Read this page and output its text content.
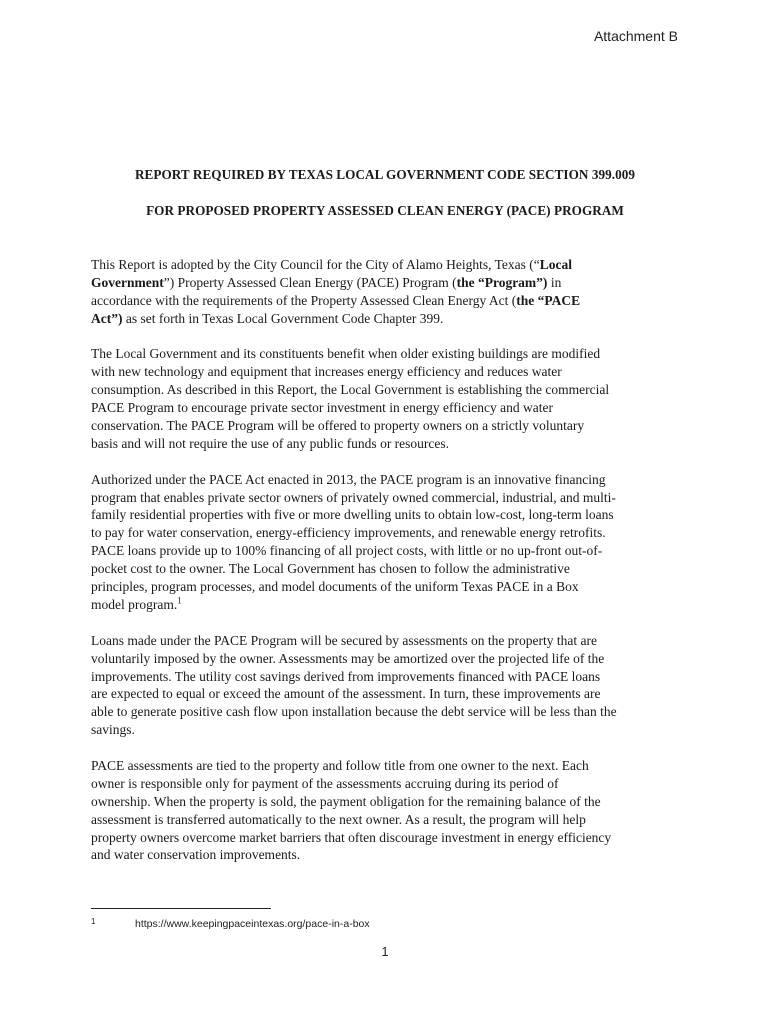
Attachment B
REPORT REQUIRED BY TEXAS LOCAL GOVERNMENT CODE SECTION 399.009
FOR PROPOSED PROPERTY ASSESSED CLEAN ENERGY (PACE) PROGRAM

This Report is adopted by the City Council for the City of Alamo Heights, Texas (“Local
Government”) Property Assessed Clean Energy (PACE) Program (the “Program”) in
accordance with the requirements of the Property Assessed Clean Energy Act (the “PACE
Act”) as set forth in Texas Local Government Code Chapter 399.

The Local Government and its constituents benefit when older existing buildings are modified
with new technology and equipment that increases energy efficiency and reduces water
consumption. As described in this Report, the Local Government is establishing the commercial
PACE Program to encourage private sector investment in energy efficiency and water
conservation. The PACE Program will be offered to property owners on a strictly voluntary
basis and will not require the use of any public funds or resources.

Authorized under the PACE Act enacted in 2013, the PACE program is an innovative financing
program that enables private sector owners of privately owned commercial, industrial, and multi-
family residential properties with five or more dwelling units to obtain low-cost, long-term loans
to pay for water conservation, energy-efficiency improvements, and renewable energy retrofits.
PACE loans provide up to 100% financing of all project costs, with little or no up-front out-of-
pocket cost to the owner. The Local Government has chosen to follow the administrative
principles, program processes, and model documents of the uniform Texas PACE in a Box
model program.$^1$

Loans made under the PACE Program will be secured by assessments on the property that are
voluntarily imposed by the owner. Assessments may be amortized over the projected life of the
improvements. The utility cost savings derived from improvements financed with PACE loans
are expected to equal or exceed the amount of the assessment. In turn, these improvements are
able to generate positive cash flow upon installation because the debt service will be less than the
savings.

PACE assessments are tied to the property and follow title from one owner to the next. Each
owner is responsible only for payment of the assessments accruing during its period of
ownership. When the property is sold, the payment obligation for the remaining balance of the
assessment is transferred automatically to the next owner. As a result, the program will help
property owners overcome market barriers that often discourage investment in energy efficiency
and water conservation improvements.

1	https://www.keepingpaceintexas.org/pace-in-a-box
1
